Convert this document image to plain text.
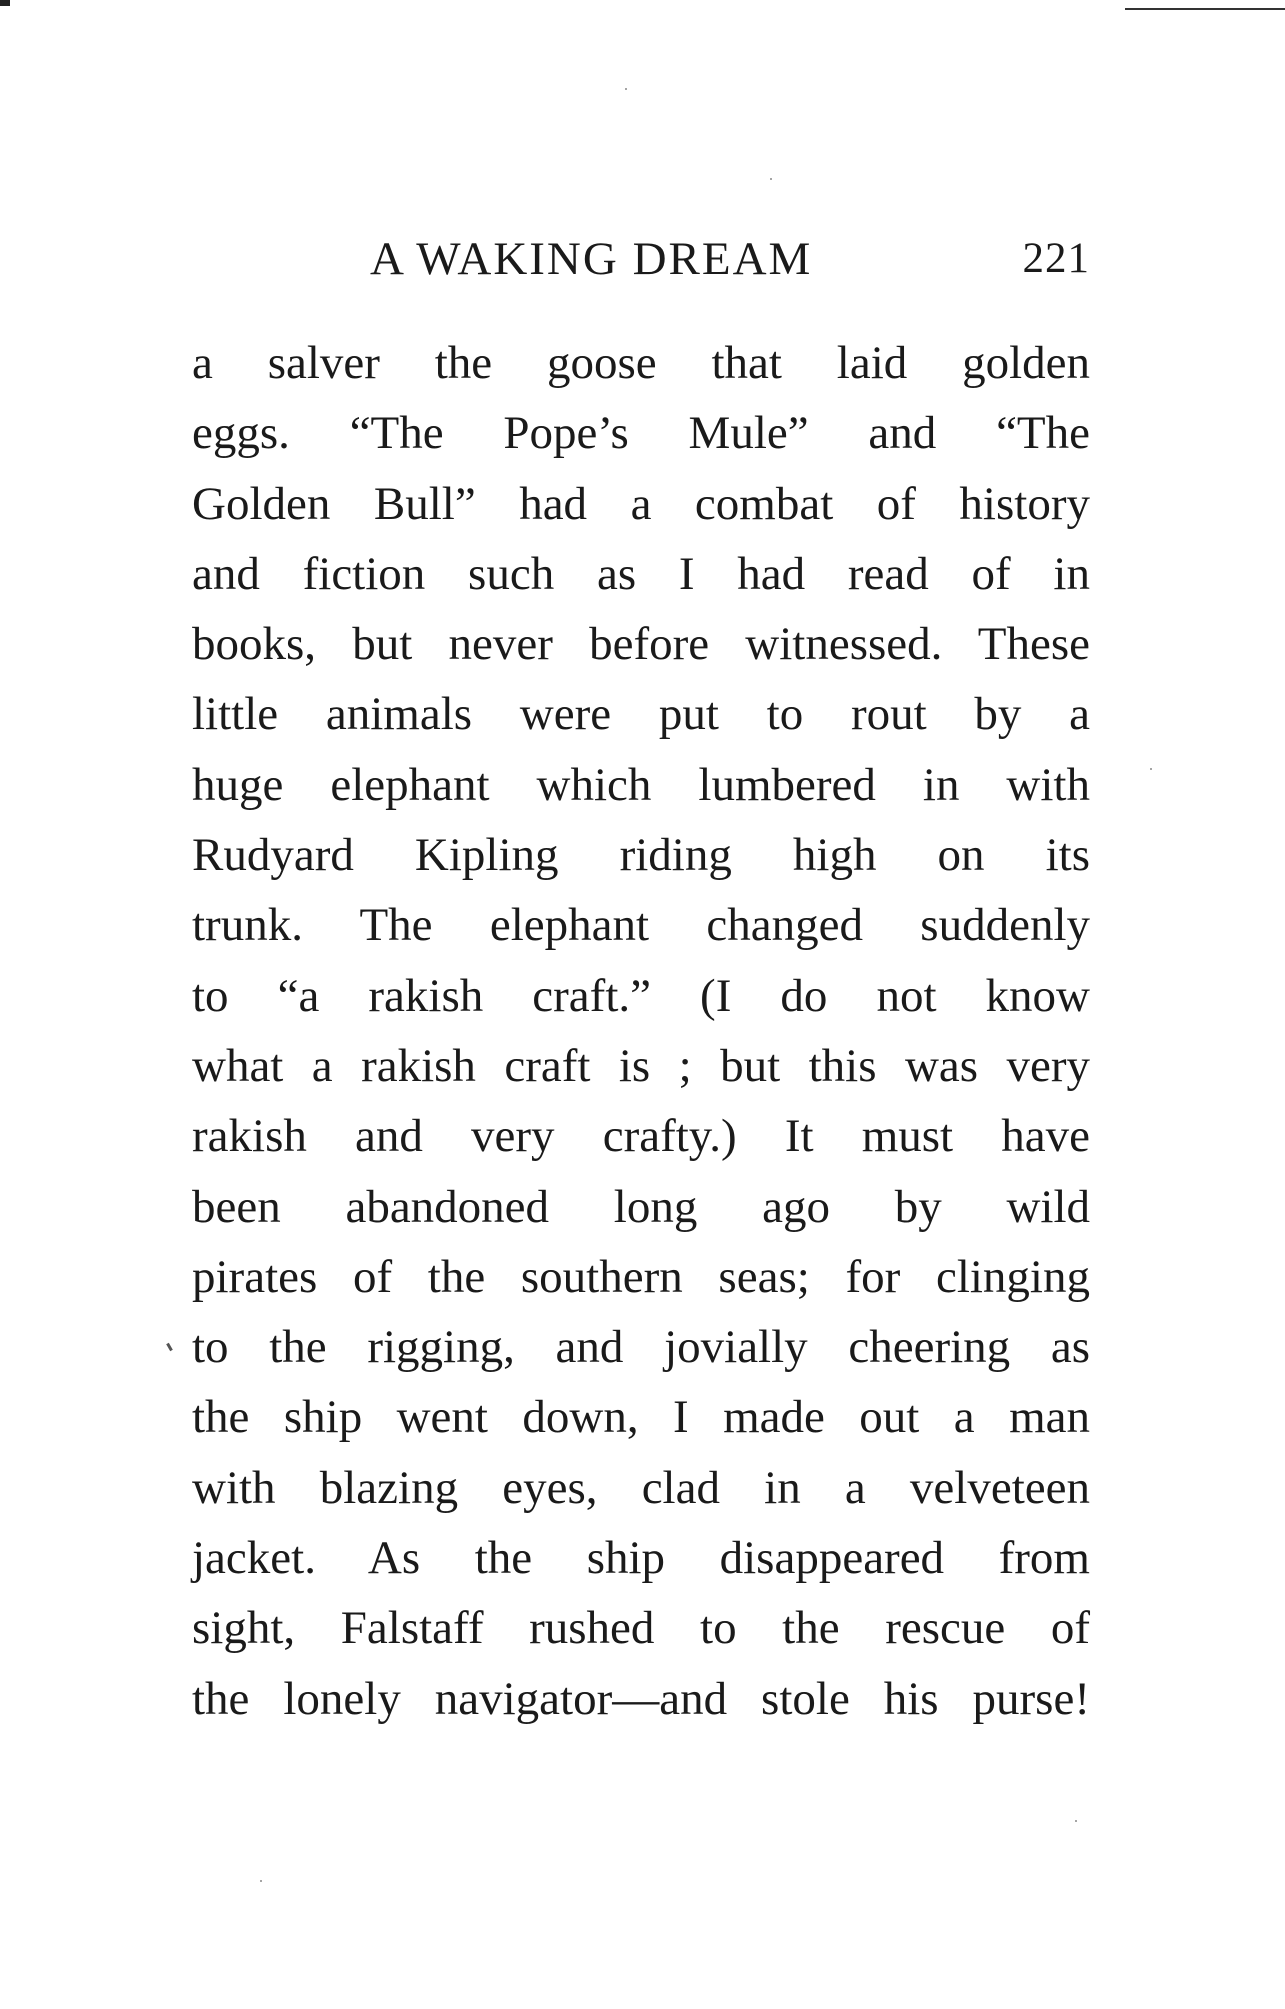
A WAKING DREAM	221
a salver the goose that laid golden
eggs. “The Pope’s Mule” and “The
Golden Bull” had a combat of history
and fiction such as I had read of in
books, but never before witnessed. These
little animals were put to rout by a
huge elephant which lumbered in with
Rudyard Kipling riding high on its
trunk. The elephant changed suddenly
to “a rakish craft.” (I do not know
what a rakish craft is ; but this was very
rakish and very crafty.) It must have
been abandoned long ago by wild
pirates of the southern seas; for clinging
to the rigging, and jovially cheering as
the ship went down, I made out a man
with blazing eyes, clad in a velveteen
jacket. As the ship disappeared from
sight, Falstaff rushed to the rescue of
the lonely navigator—and stole his purse!
